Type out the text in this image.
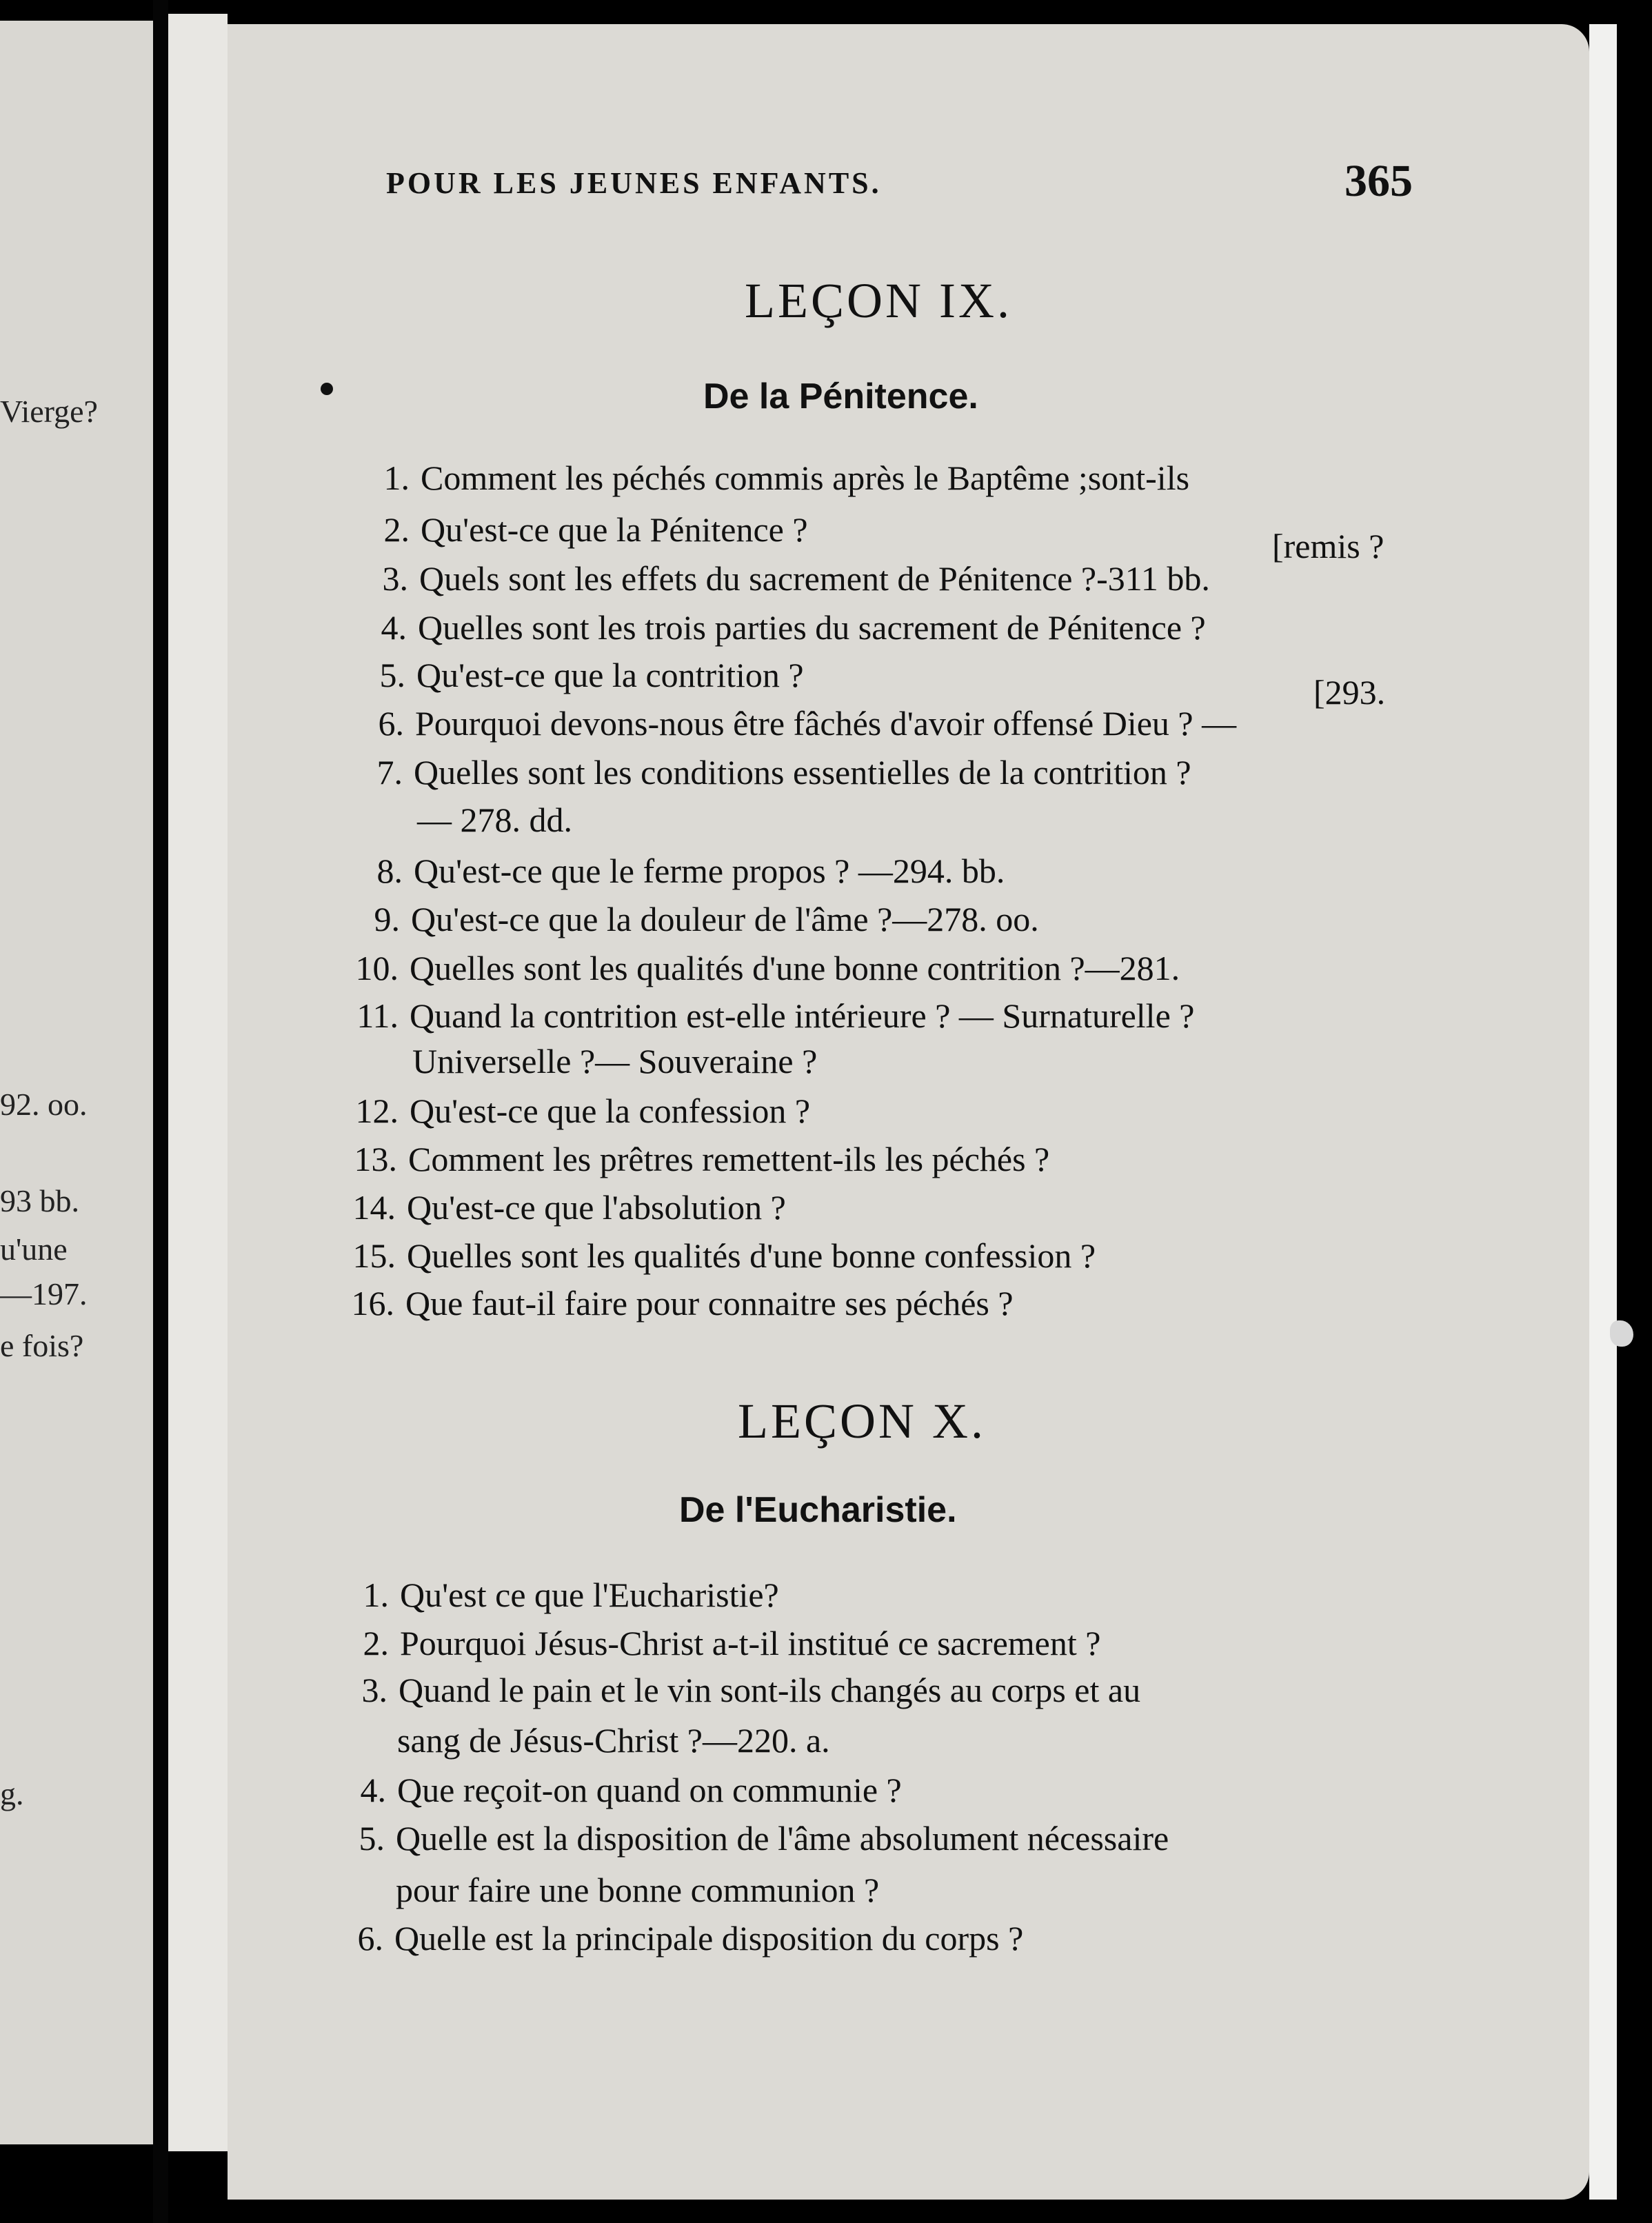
Vierge?
92. oo.
93 bb.
u'une
—197.
e fois?
g.
POUR LES JEUNES ENFANTS.	365
LEÇON IX.
De la Pénitence.
1. Comment les péchés commis après le Baptême ;sont-ils
[remis ?
2. Qu'est-ce que la Pénitence ?
3. Quels sont les effets du sacrement de Pénitence ?-311 bb.
4. Quelles sont les trois parties du sacrement de Pénitence ?
5. Qu'est-ce que la contrition ?	[293.
6. Pourquoi devons-nous être fâchés d'avoir offensé Dieu ? —
7. Quelles sont les conditions essentielles de la contrition ?
— 278. dd.
8. Qu'est-ce que le ferme propos ? —294. bb.
9. Qu'est-ce que la douleur de l'âme ?—278. oo.
10. Quelles sont les qualités d'une bonne contrition ?—281.
11. Quand la contrition est-elle intérieure ? — Surnaturelle ?
Universelle ?— Souveraine ?
12. Qu'est-ce que la confession ?
13. Comment les prêtres remettent-ils les péchés ?
14. Qu'est-ce que l'absolution ?
15. Quelles sont les qualités d'une bonne confession ?
16. Que faut-il faire pour connaitre ses péchés ?
LEÇON X.
De l'Eucharistie.
1. Qu'est ce que l'Eucharistie?
2. Pourquoi Jésus-Christ a-t-il institué ce sacrement ?
3. Quand le pain et le vin sont-ils changés au corps et au
sang de Jésus-Christ ?—220. a.
4. Que reçoit-on quand on communie ?
5. Quelle est la disposition de l'âme absolument nécessaire
pour faire une bonne communion ?
6. Quelle est la principale disposition du corps ?
